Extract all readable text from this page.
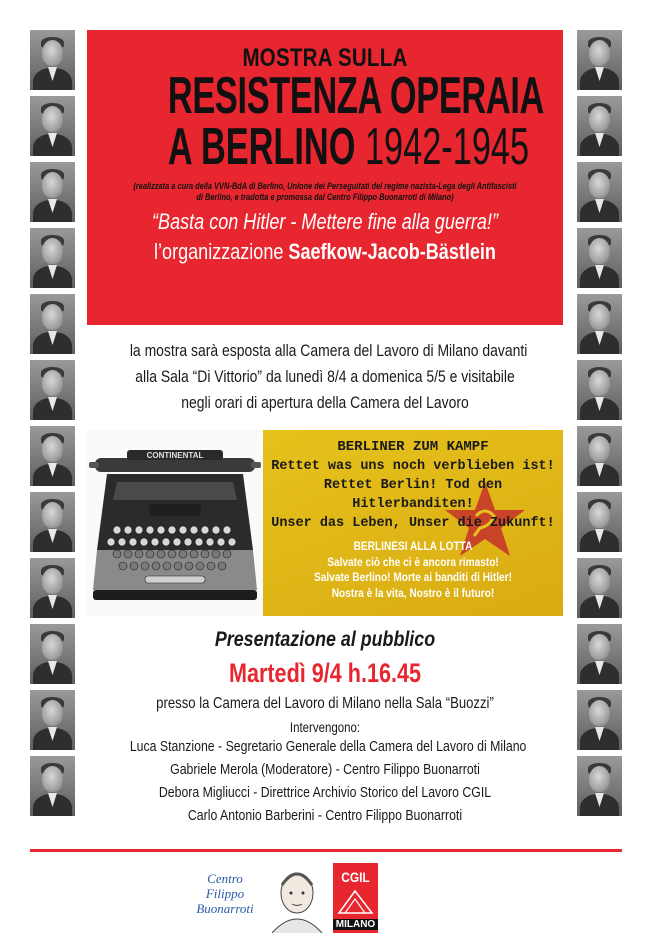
MOSTRA SULLA
RESISTENZA OPERAIA
A BERLINO 1942-1945
(realizzata a cura della VVN-BdA di Berlino, Unione dei Perseguitati del regime nazista-Lega degli Antifascisti
di Berlino, e tradotta e promossa dal Centro Filippo Buonarroti di Milano)
“Basta con Hitler - Mettere fine alla guerra!”
l’organizzazione Saefkow-Jacob-Bästlein
la mostra sarà esposta alla Camera del Lavoro di Milano davanti
alla Sala “Di Vittorio” da lunedì 8/4 a domenica 5/5 e visitabile
negli orari di apertura della Camera del Lavoro
CONTINENTAL
BERLINER ZUM KAMPF
Rettet was uns noch verblieben ist!
Rettet Berlin! Tod den Hitlerbanditen!
Unser das Leben, Unser die Zukunft!
BERLINESI ALLA LOTTA
Salvate ciò che ci è ancora rimasto!
Salvate Berlino! Morte ai banditi di Hitler!
Nostra è la vita, Nostro è il futuro!
Presentazione al pubblico
Martedì 9/4 h.16.45
presso la Camera del Lavoro di Milano nella Sala “Buozzi”
Intervengono:
Luca Stanzione - Segretario Generale della Camera del Lavoro di Milano
Gabriele Merola (Moderatore) - Centro Filippo Buonarroti
Debora Migliucci - Direttrice Archivio Storico del Lavoro CGIL
Carlo Antonio Barberini - Centro Filippo Buonarroti
Centro
Filippo
Buonarroti
CGIL
MILANO
